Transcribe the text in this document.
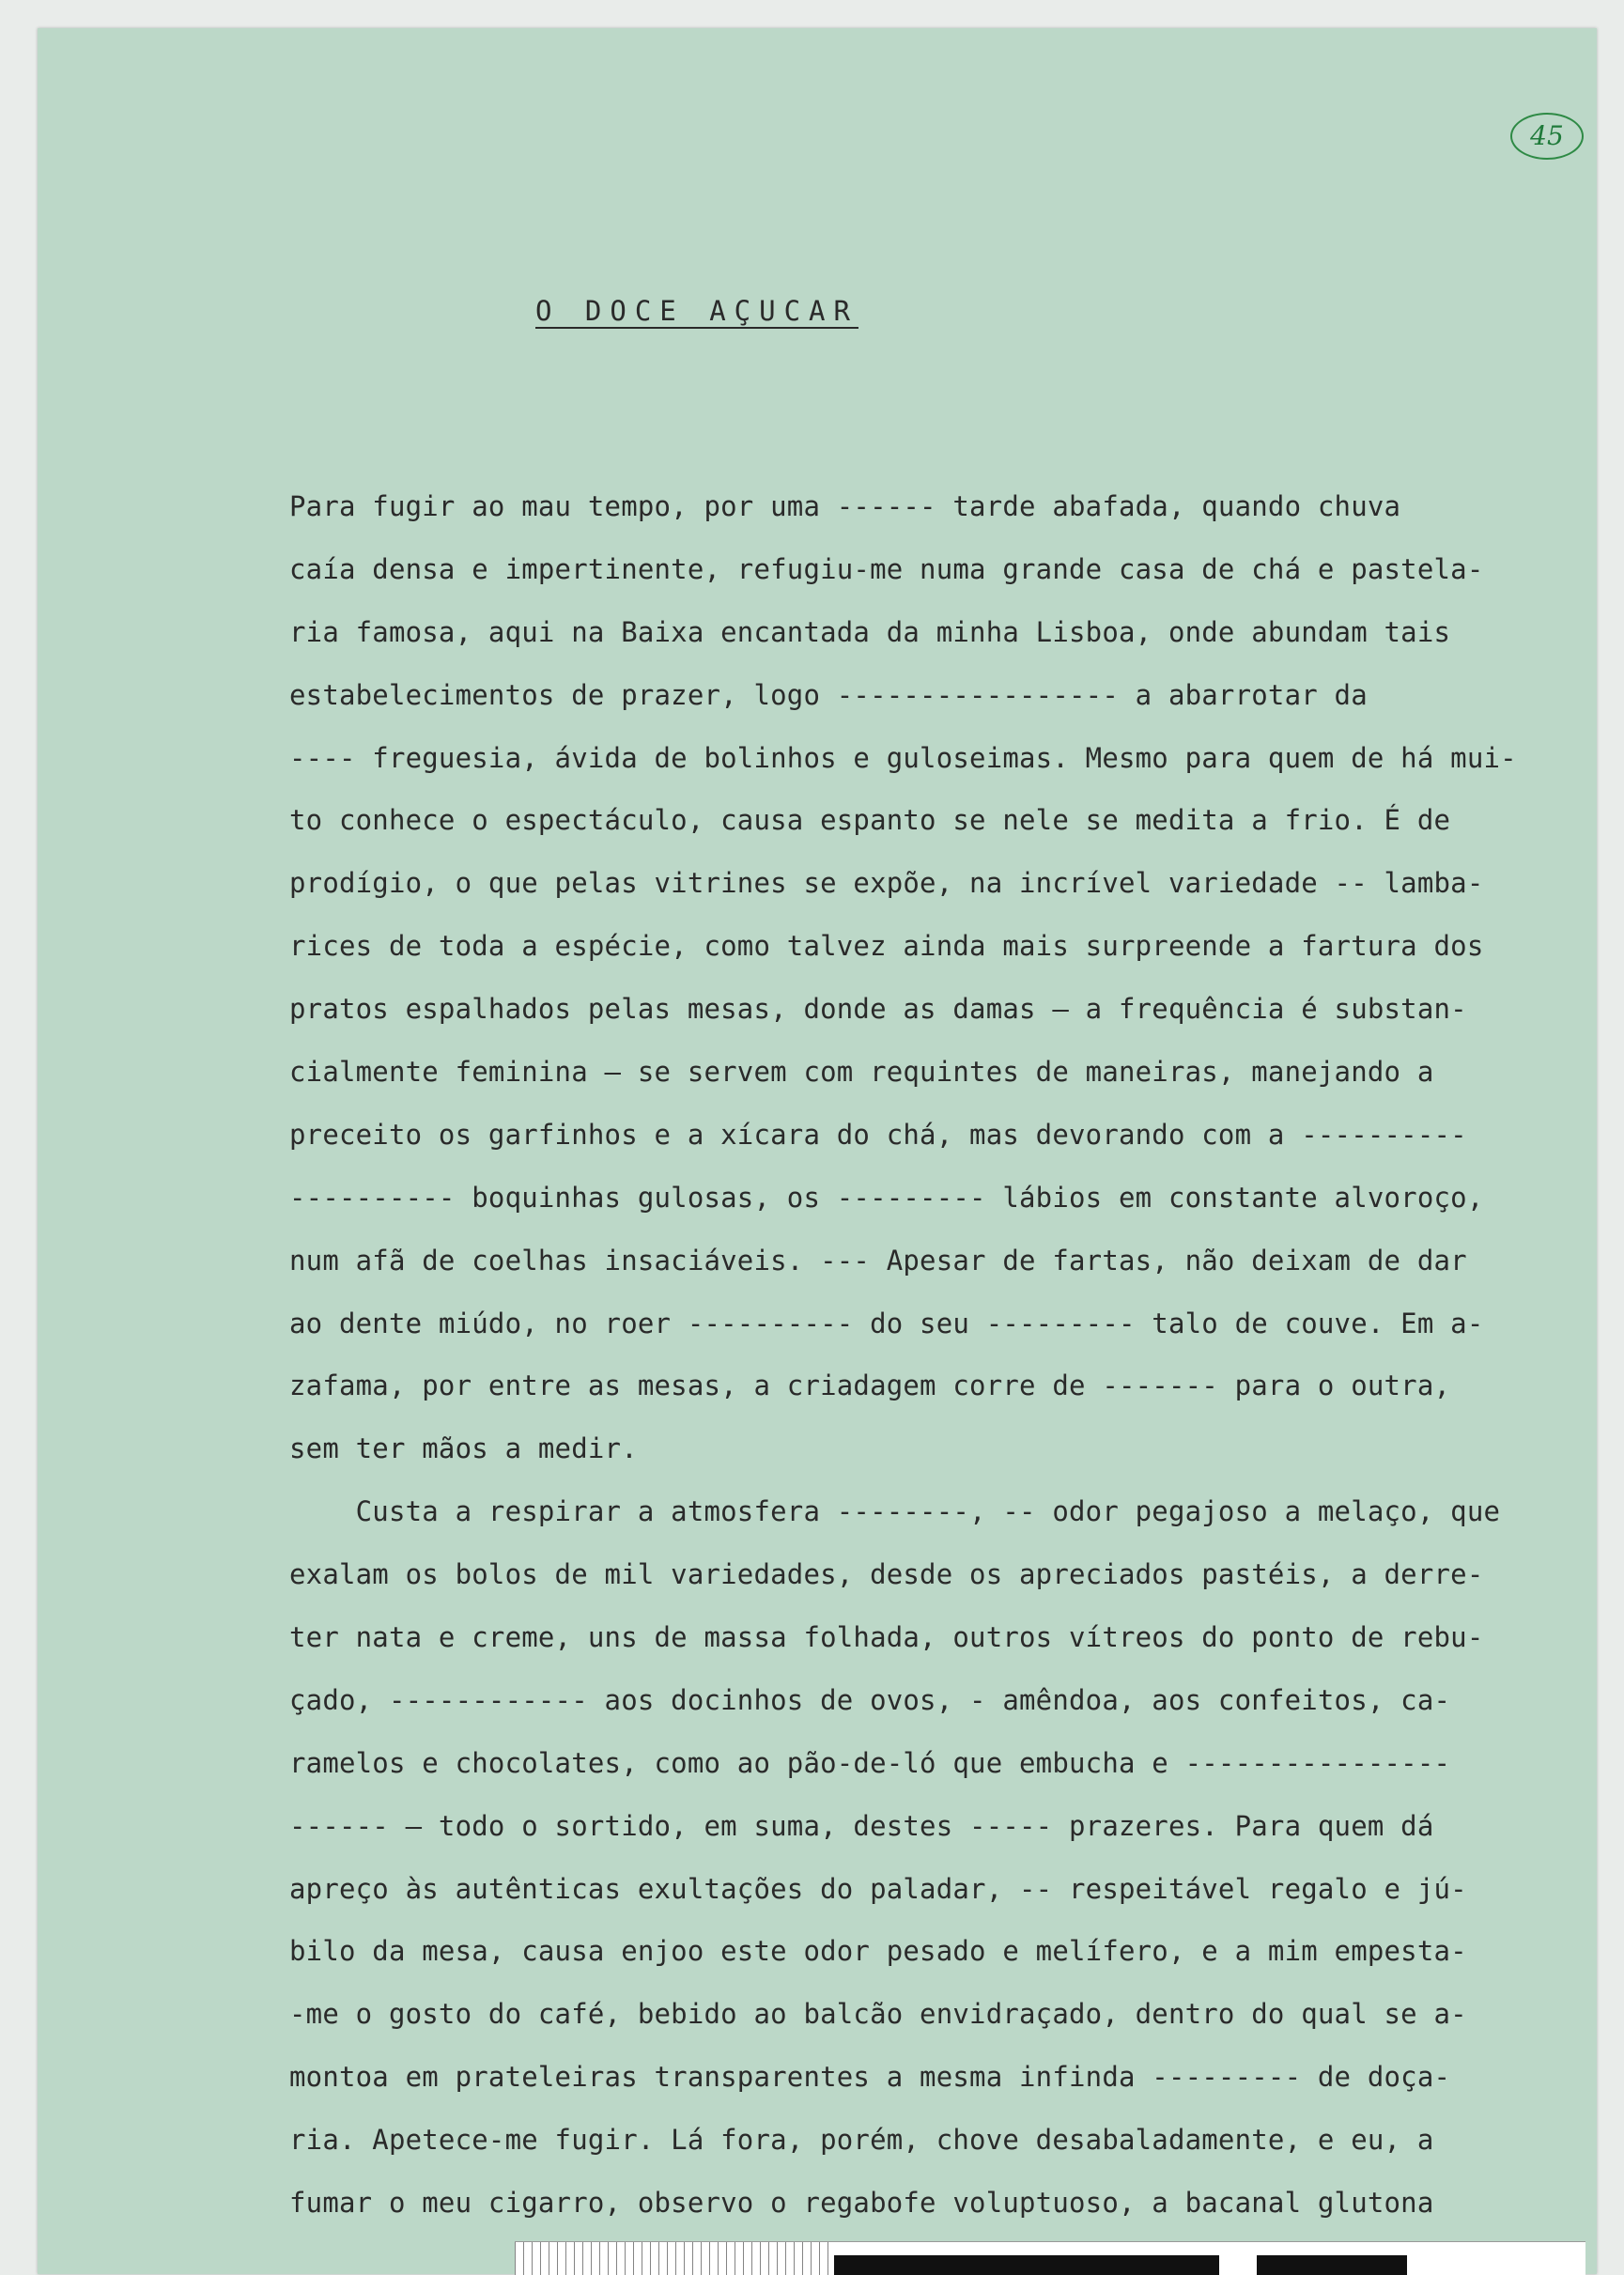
45
O DOCE AÇUCAR
Para fugir ao mau tempo, por uma ------ tarde abafada, quando chuva
caía densa e impertinente, refugiu-me numa grande casa de chá e pastela-
ria famosa, aqui na Baixa encantada da minha Lisboa, onde abundam tais
estabelecimentos de prazer, logo ----------------- a abarrotar da
---- freguesia, ávida de bolinhos e guloseimas. Mesmo para quem de há mui-
to conhece o espectáculo, causa espanto se nele se medita a frio. É de
prodígio, o que pelas vitrines se expõe, na incrível variedade -- lamba-
rices de toda a espécie, como talvez ainda mais surpreende a fartura dos
pratos espalhados pelas mesas, donde as damas — a frequência é substan-
cialmente feminina — se servem com requintes de maneiras, manejando a
preceito os garfinhos e a xícara do chá, mas devorando com a ----------
---------- boquinhas gulosas, os --------- lábios em constante alvoroço,
num afã de coelhas insaciáveis. --- Apesar de fartas, não deixam de dar
ao dente miúdo, no roer ---------- do seu --------- talo de couve. Em a-
zafama, por entre as mesas, a criadagem corre de ------- para o outra,
sem ter mãos a medir.
Custa a respirar a atmosfera --------, -- odor pegajoso a melaço, que
exalam os bolos de mil variedades, desde os apreciados pastéis, a derre-
ter nata e creme, uns de massa folhada, outros vítreos do ponto de rebu-
çado, ------------ aos docinhos de ovos, - amêndoa, aos confeitos, ca-
ramelos e chocolates, como ao pão-de-ló que embucha e ----------------
------ — todo o sortido, em suma, destes ----- prazeres. Para quem dá
apreço às autênticas exultações do paladar, -- respeitável regalo e jú-
bilo da mesa, causa enjoo este odor pesado e melífero, e a mim empesta-
-me o gosto do café, bebido ao balcão envidraçado, dentro do qual se a-
montoa em prateleiras transparentes a mesma infinda --------- de doça-
ria. Apetece-me fugir. Lá fora, porém, chove desabaladamente, e eu, a
fumar o meu cigarro, observo o regabofe voluptuoso, a bacanal glutona
